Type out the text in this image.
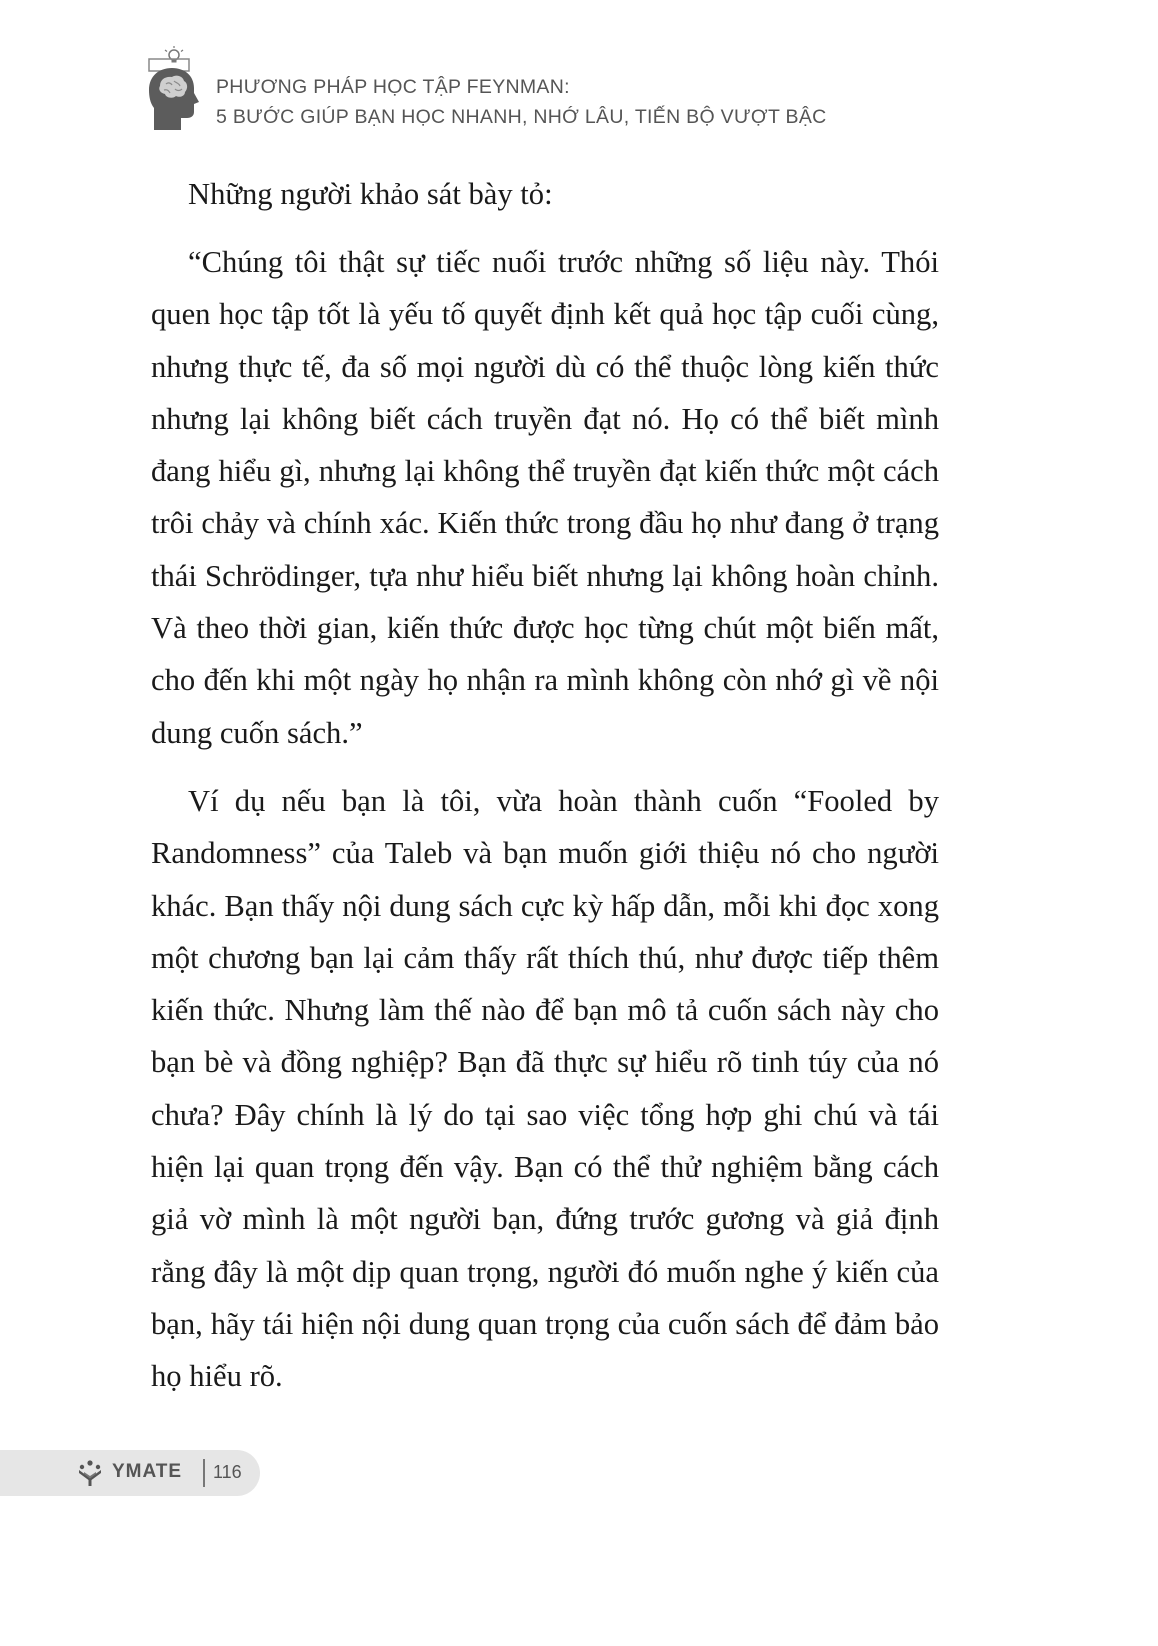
PHƯƠNG PHÁP HỌC TẬP FEYNMAN:
5 BƯỚC GIÚP BẠN HỌC NHANH, NHỚ LÂU, TIẾN BỘ VƯỢT BẬC

Những người khảo sát bày tỏ:

“Chúng tôi thật sự tiếc nuối trước những số liệu này. Thói quen học tập tốt là yếu tố quyết định kết quả học tập cuối cùng, nhưng thực tế, đa số mọi người dù có thể thuộc lòng kiến thức nhưng lại không biết cách truyền đạt nó. Họ có thể biết mình đang hiểu gì, nhưng lại không thể truyền đạt kiến thức một cách trôi chảy và chính xác. Kiến thức trong đầu họ như đang ở trạng thái Schrödinger, tựa như hiểu biết nhưng lại không hoàn chỉnh. Và theo thời gian, kiến thức được học từng chút một biến mất, cho đến khi một ngày họ nhận ra mình không còn nhớ gì về nội dung cuốn sách.”

Ví dụ nếu bạn là tôi, vừa hoàn thành cuốn “Fooled by Randomness” của Taleb và bạn muốn giới thiệu nó cho người khác. Bạn thấy nội dung sách cực kỳ hấp dẫn, mỗi khi đọc xong một chương bạn lại cảm thấy rất thích thú, như được tiếp thêm kiến thức. Nhưng làm thế nào để bạn mô tả cuốn sách này cho bạn bè và đồng nghiệp? Bạn đã thực sự hiểu rõ tinh túy của nó chưa? Đây chính là lý do tại sao việc tổng hợp ghi chú và tái hiện lại quan trọng đến vậy. Bạn có thể thử nghiệm bằng cách giả vờ mình là một người bạn, đứng trước gương và giả định rằng đây là một dịp quan trọng, người đó muốn nghe ý kiến của bạn, hãy tái hiện nội dung quan trọng của cuốn sách để đảm bảo họ hiểu rõ.

YMATE 116
